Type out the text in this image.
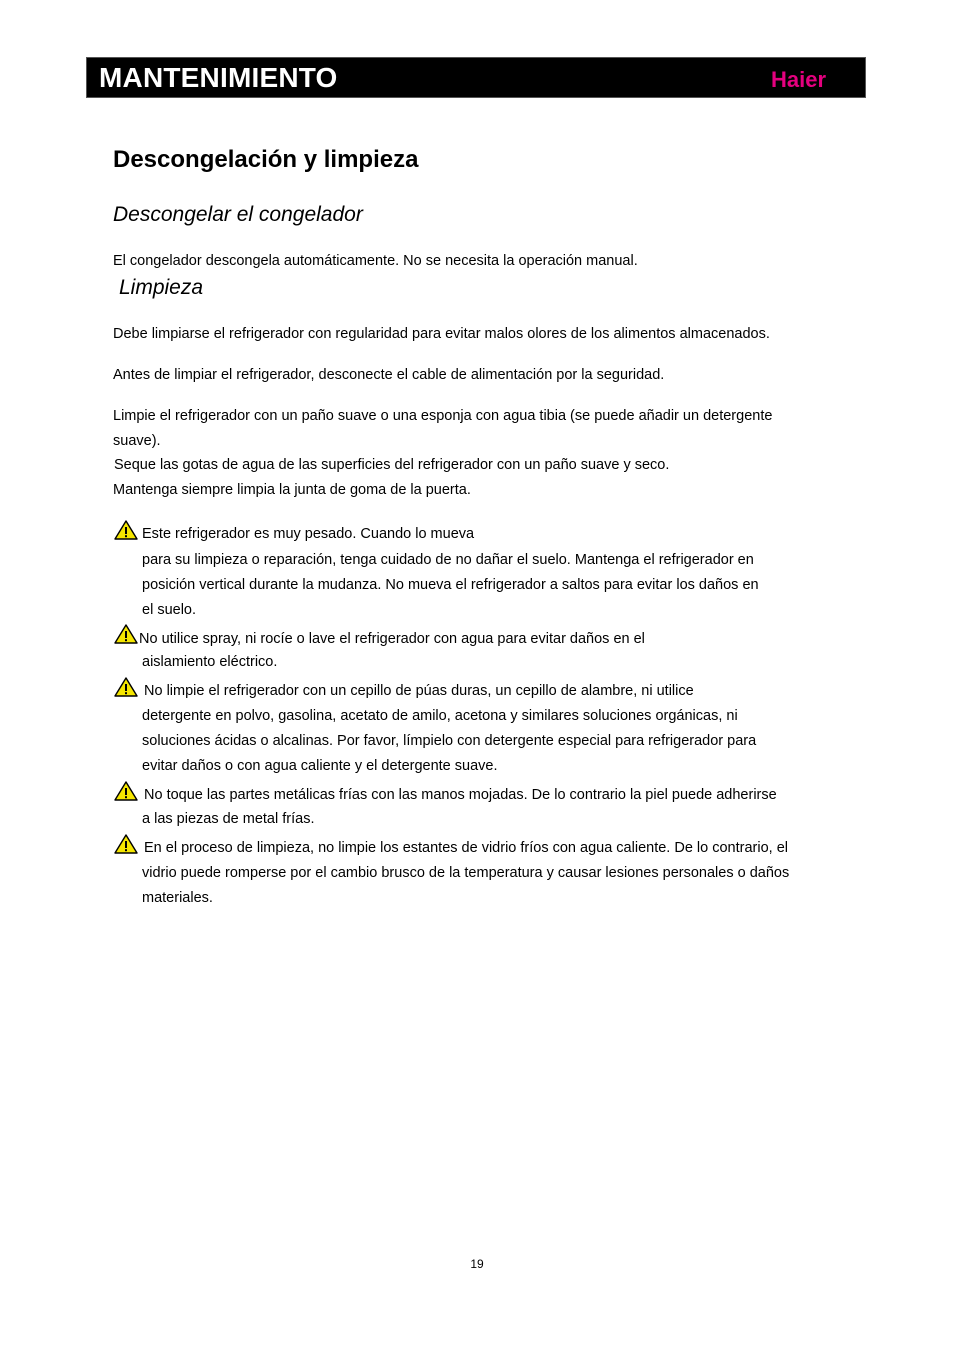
MANTENIMIENTO	Haier
Descongelación y limpieza
Descongelar el congelador
El congelador descongela automáticamente. No se necesita la operación manual.
Limpieza
Debe limpiarse el refrigerador con regularidad para evitar malos olores de los alimentos almacenados.
Antes de limpiar el refrigerador, desconecte el cable de alimentación por la seguridad.
Limpie el refrigerador con un paño suave o una esponja con agua tibia (se puede añadir un detergente
suave).
Seque las gotas de agua de las superficies del refrigerador con un paño suave y seco.
Mantenga siempre limpia la junta de goma de la puerta.
Este refrigerador es muy pesado. Cuando lo mueva
para su limpieza o reparación, tenga cuidado de no dañar el suelo. Mantenga el refrigerador en
posición vertical durante la mudanza. No mueva el refrigerador a saltos para evitar los daños en
el suelo.
No utilice spray, ni rocíe o lave el refrigerador con agua para evitar daños en el
aislamiento eléctrico.
No limpie el refrigerador con un cepillo de púas duras, un cepillo de alambre, ni utilice
detergente en polvo, gasolina, acetato de amilo, acetona y similares soluciones orgánicas, ni
soluciones ácidas o alcalinas. Por favor, límpielo con detergente especial para refrigerador para
evitar daños o con agua caliente y el detergente suave.
No toque las partes metálicas frías con las manos mojadas. De lo contrario la piel puede adherirse
a las piezas de metal frías.
En el proceso de limpieza, no limpie los estantes de vidrio fríos con agua caliente. De lo contrario, el
vidrio puede romperse por el cambio brusco de la temperatura y causar lesiones personales o daños
materiales.
19
